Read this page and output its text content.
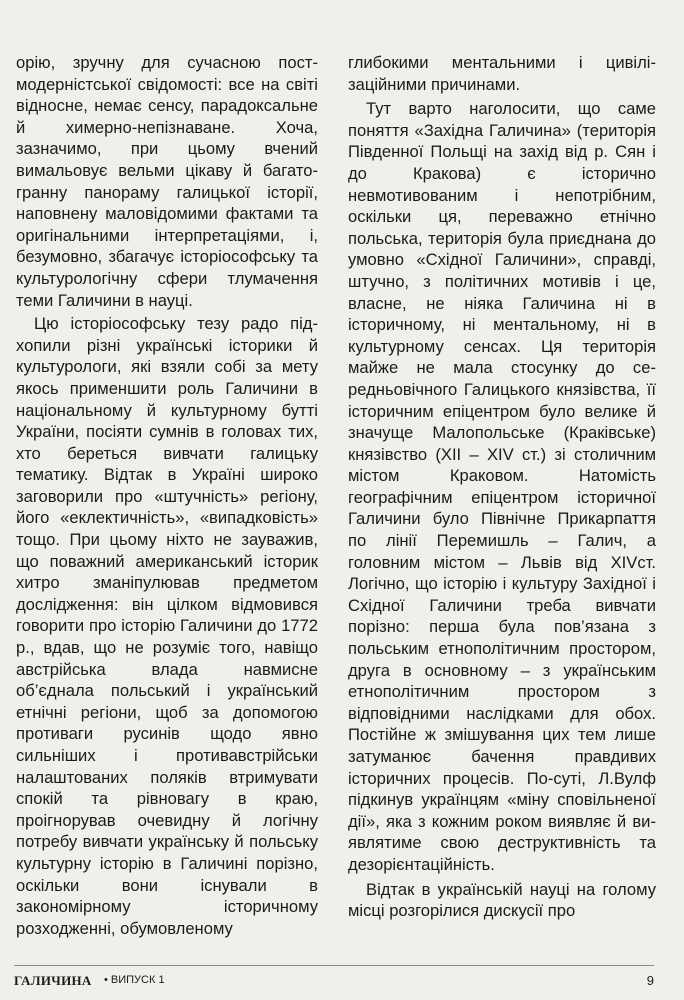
орію, зручну для сучасною постмодерністської свідомості: все на світі відносне, немає сенсу, парадоксальне й химерно-непізнаване. Хоча, зазначимо, при цьому вчений вимальовує вельми цікаву й багатогранну панораму галицької історії, наповнену маловідомими фактами та оригінальними інтерпретаціями, і, безумовно, збагачує історіософську та культурологічну сфери тлумачення теми Галичини в науці.

Цю історіософську тезу радо підхопили різні українські історики й культурологи, які взяли собі за мету якось применшити роль Галичини в національному й культурному бутті України, посіяти сумнів в головах тих, хто береться вивчати галицьку тематику. Відтак в Україні широко заговорили про «штучність» регіону, його «еклектичність», «випадковість» тощо. При цьому ніхто не зауважив, що поважний американський історик хитро зманіпулював предметом дослідження: він цілком відмовився говорити про історію Галичини до 1772 р., вдав, що не розуміє того, навіщо австрійська влада навмисне об’єднала польський і український етнічні регіони, щоб за допомогою противаги русинів щодо явно сильніших і противавстрійськи налаштованих поляків втримувати спокій та рівновагу в краю, проігнорував очевидну й логічну потребу вивчати українську й польську культурну історію в Галичині порізно, оскільки вони існували в закономірному історичному розходженні, обумовленому

глибокими ментальними і цивілізаційними причинами.

Тут варто наголосити, що саме поняття «Західна Галичина» (територія Південної Польщі на захід від р. Сян і до Кракова) є історично невмотивованим і непотрібним, оскільки ця, переважно етнічно польська, територія була приєднана до умовно «Східної Галичини», справді, штучно, з політичних мотивів і це, власне, не ніяка Галичина ні в історичному, ні ментальному, ні в культурному сенсах. Ця територія майже не мала стосунку до середньовічного Галицького князівства, її історичним епіцентром було велике й значуще Малопольське (Краківське) князівство (ХІІ – ХІV ст.) зі столичним містом Краковом. Натомість географічним епіцентром історичної Галичини було Північне Прикарпаття по лінії Перемишль – Галич, а головним містом – Львів від ХІVст. Логічно, що історію і культуру Західної і Східної Галичини треба вивчати порізно: перша була пов’язана з польським етнополітичним простором, друга в основному – з українським етнополітичним простором з відповідними наслідками для обох. Постійне ж змішування цих тем лише затуманює бачення правдивих історичних процесів. По-суті, Л.Вулф підкинув українцям «міну сповільненої дії», яка з кожним роком виявляє й виявлятиме свою деструктивність та дезорієнтаційність.

Відтак в українській науці на голому місці розгорілися дискусії про

ГАЛИЧИНА • ВИПУСК 1	9
